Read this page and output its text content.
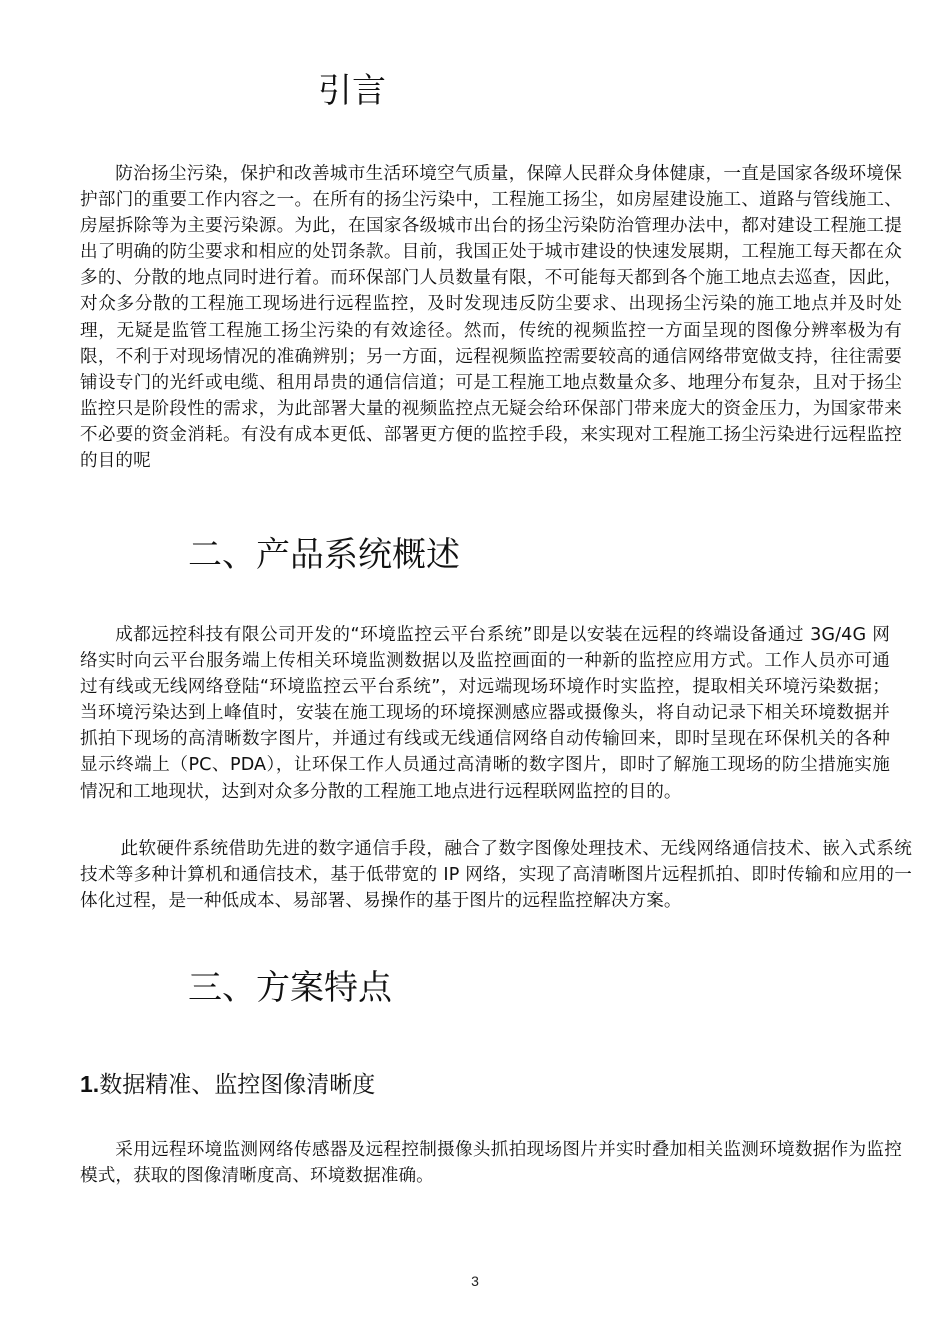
引言

防治扬尘污染，保护和改善城市生活环境空气质量，保障人民群众身体健康，一直是国家各级环境保护部门的重要工作内容之一。在所有的扬尘污染中，工程施工扬尘，如房屋建设施工、道路与管线施工、房屋拆除等为主要污染源。为此，在国家各级城市出台的扬尘污染防治管理办法中，都对建设工程施工提出了明确的防尘要求和相应的处罚条款。目前，我国正处于城市建设的快速发展期，工程施工每天都在众多的、分散的地点同时进行着。而环保部门人员数量有限，不可能每天都到各个施工地点去巡查，因此，对众多分散的工程施工现场进行远程监控，及时发现违反防尘要求、出现扬尘污染的施工地点并及时处理，无疑是监管工程施工扬尘污染的有效途径。然而，传统的视频监控一方面呈现的图像分辨率极为有限，不利于对现场情况的准确辨别；另一方面，远程视频监控需要较高的通信网络带宽做支持，往往需要铺设专门的光纤或电缆、租用昂贵的通信信道；可是工程施工地点数量众多、地理分布复杂，且对于扬尘监控只是阶段性的需求，为此部署大量的视频监控点无疑会给环保部门带来庞大的资金压力，为国家带来不必要的资金消耗。有没有成本更低、部署更方便的监控手段，来实现对工程施工扬尘污染进行远程监控的目的呢

二、产品系统概述

成都远控科技有限公司开发的“环境监控云平台系统”即是以安装在远程的终端设备通过 3G/4G 网络实时向云平台服务端上传相关环境监测数据以及监控画面的一种新的监控应用方式。工作人员亦可通过有线或无线网络登陆“环境监控云平台系统”，对远端现场环境作时实监控，提取相关环境污染数据；当环境污染达到上峰值时，安装在施工现场的环境探测感应器或摄像头，将自动记录下相关环境数据并抓拍下现场的高清晰数字图片，并通过有线或无线通信网络自动传输回来，即时呈现在环保机关的各种显示终端上（PC、PDA），让环保工作人员通过高清晰的数字图片，即时了解施工现场的防尘措施实施情况和工地现状，达到对众多分散的工程施工地点进行远程联网监控的目的。

此软硬件系统借助先进的数字通信手段，融合了数字图像处理技术、无线网络通信技术、嵌入式系统技术等多种计算机和通信技术，基于低带宽的 IP 网络，实现了高清晰图片远程抓拍、即时传输和应用的一体化过程，是一种低成本、易部署、易操作的基于图片的远程监控解决方案。

三、方案特点
1.数据精准、监控图像清晰度

采用远程环境监测网络传感器及远程控制摄像头抓拍现场图片并实时叠加相关监测环境数据作为监控模式，获取的图像清晰度高、环境数据准确。

3
